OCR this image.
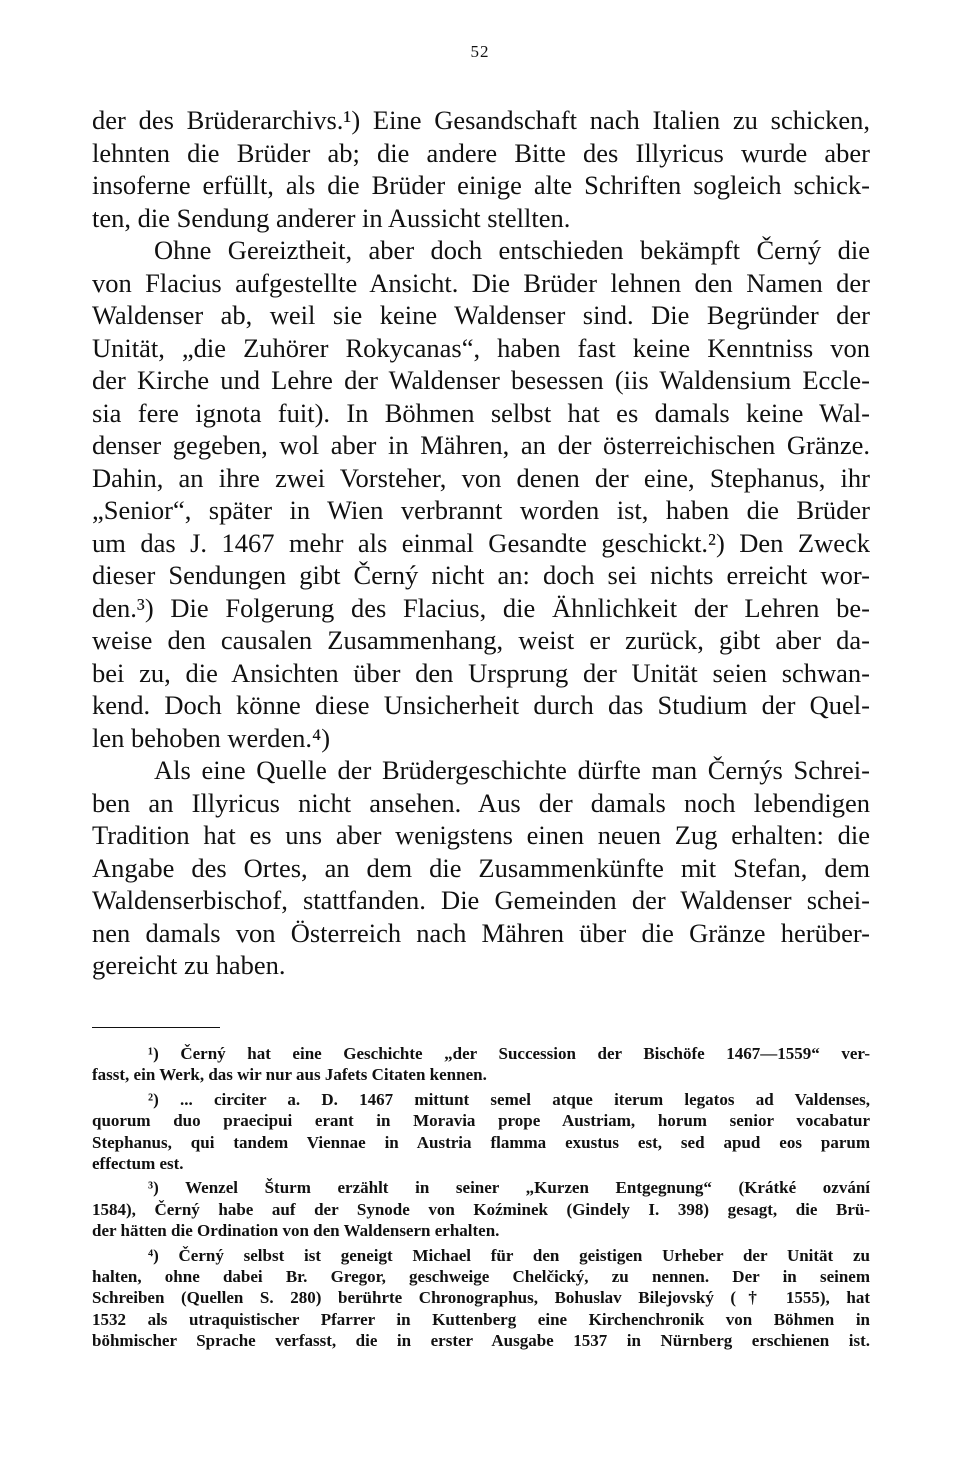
52
der des Brüderarchivs.¹) Eine Gesandschaft nach Italien zu schicken,
lehnten die Brüder ab; die andere Bitte des Illyricus wurde aber
insoferne erfüllt, als die Brüder einige alte Schriften sogleich schick-
ten, die Sendung anderer in Aussicht stellten.
Ohne Gereiztheit, aber doch entschieden bekämpft Černý die
von Flacius aufgestellte Ansicht. Die Brüder lehnen den Namen der
Waldenser ab, weil sie keine Waldenser sind. Die Begründer der
Unität, „die Zuhörer Rokycanas“, haben fast keine Kenntniss von
der Kirche und Lehre der Waldenser besessen (iis Waldensium Eccle-
sia fere ignota fuit). In Böhmen selbst hat es damals keine Wal-
denser gegeben, wol aber in Mähren, an der österreichischen Gränze.
Dahin, an ihre zwei Vorsteher, von denen der eine, Stephanus, ihr
„Senior“, später in Wien verbrannt worden ist, haben die Brüder
um das J. 1467 mehr als einmal Gesandte geschickt.²) Den Zweck
dieser Sendungen gibt Černý nicht an: doch sei nichts erreicht wor-
den.³) Die Folgerung des Flacius, die Ähnlichkeit der Lehren be-
weise den causalen Zusammenhang, weist er zurück, gibt aber da-
bei zu, die Ansichten über den Ursprung der Unität seien schwan-
kend. Doch könne diese Unsicherheit durch das Studium der Quel-
len behoben werden.⁴)
Als eine Quelle der Brüdergeschichte dürfte man Černýs Schrei-
ben an Illyricus nicht ansehen. Aus der damals noch lebendigen
Tradition hat es uns aber wenigstens einen neuen Zug erhalten: die
Angabe des Ortes, an dem die Zusammenkünfte mit Stefan, dem
Waldenserbischof, stattfanden. Die Gemeinden der Waldenser schei-
nen damals von Österreich nach Mähren über die Gränze herüber-
gereicht zu haben.
¹) Černý hat eine Geschichte „der Succession der Bischöfe 1467—1559“ ver-
fasst, ein Werk, das wir nur aus Jafets Citaten kennen.
²) ... circiter a. D. 1467 mittunt semel atque iterum legatos ad Valdenses,
quorum duo praecipui erant in Moravia prope Austriam, horum senior vocabatur
Stephanus, qui tandem Viennae in Austria flamma exustus est, sed apud eos parum
effectum est.
³) Wenzel Šturm erzählt in seiner „Kurzen Entgegnung“ (Krátké ozvání
1584), Černý habe auf der Synode von Koźminek (Gindely I. 398) gesagt, die Brü-
der hätten die Ordination von den Waldensern erhalten.
⁴) Černý selbst ist geneigt Michael für den geistigen Urheber der Unität zu
halten, ohne dabei Br. Gregor, geschweige Chelčický, zu nennen. Der in seinem
Schreiben (Quellen S. 280) berührte Chronographus, Bohuslav Bilejovský († 1555), hat
1532 als utraquistischer Pfarrer in Kuttenberg eine Kirchenchronik von Böhmen in
böhmischer Sprache verfasst, die in erster Ausgabe 1537 in Nürnberg erschienen ist.
